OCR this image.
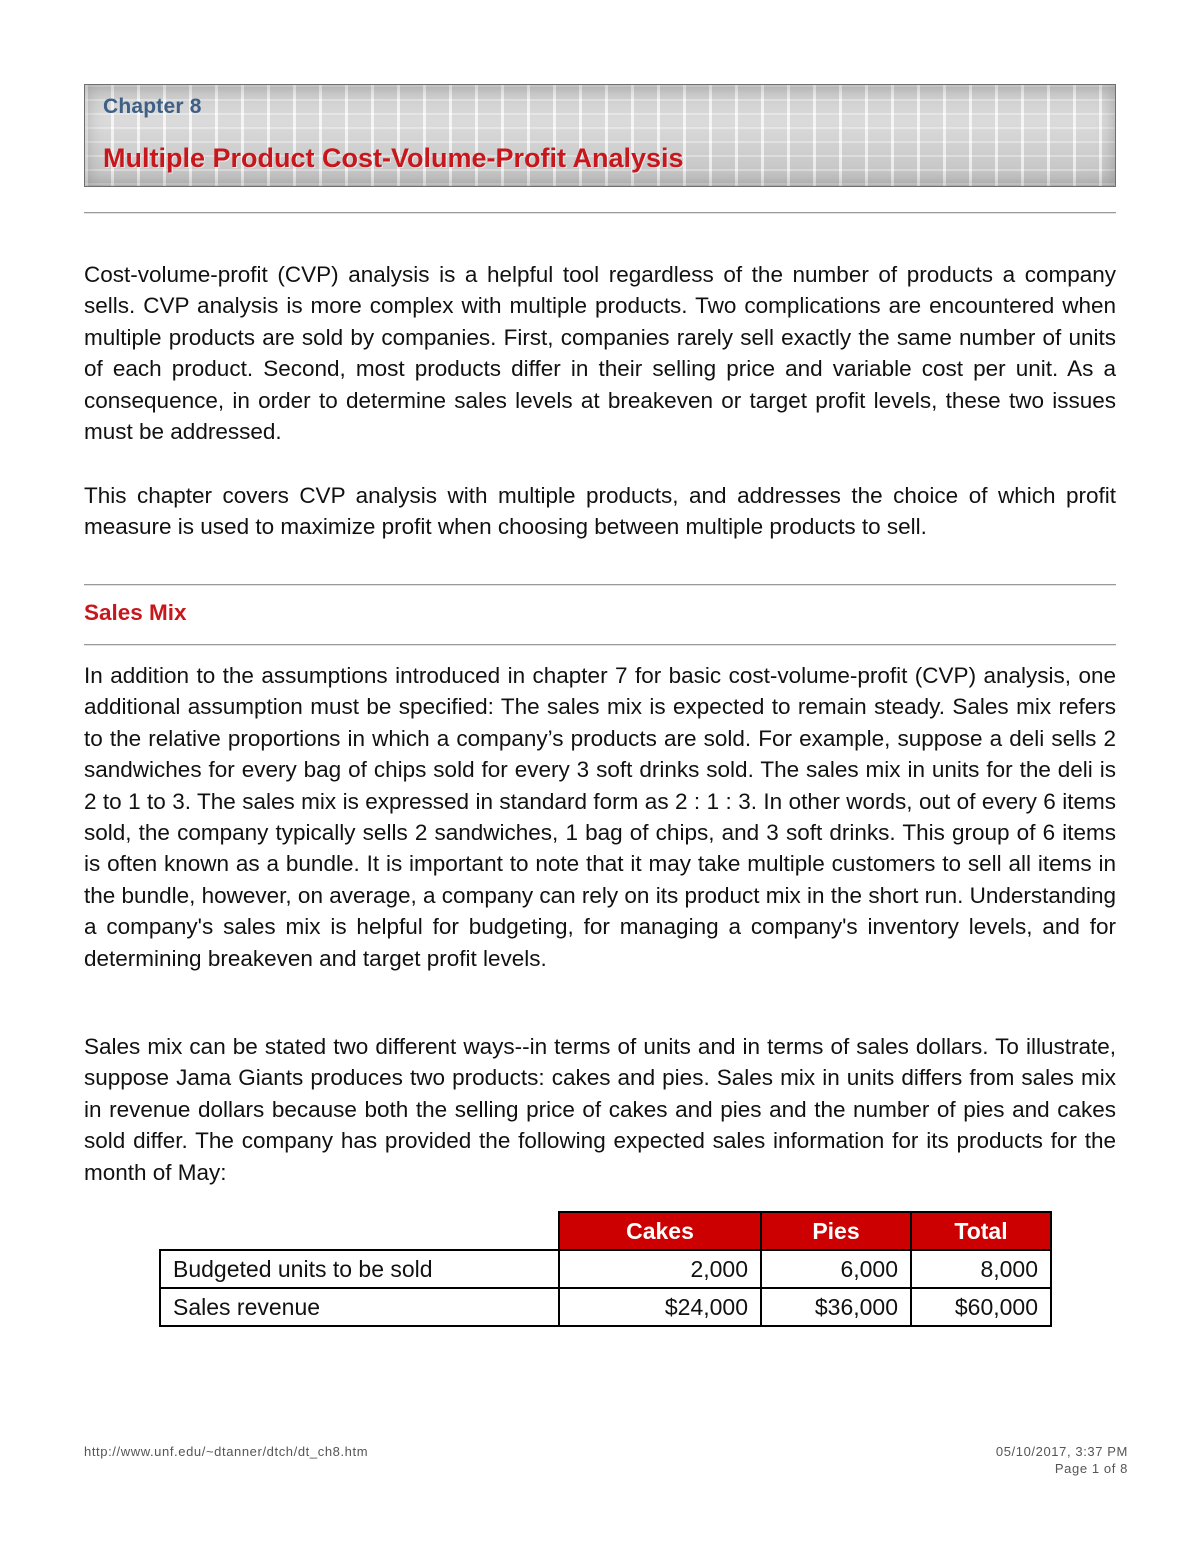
Chapter 8
Multiple Product Cost-Volume-Profit Analysis

Cost-volume-profit (CVP) analysis is a helpful tool regardless of the number of products a company sells. CVP analysis is more complex with multiple products. Two complications are encountered when multiple products are sold by companies. First, companies rarely sell exactly the same number of units of each product. Second, most products differ in their selling price and variable cost per unit. As a consequence, in order to determine sales levels at breakeven or target profit levels, these two issues must be addressed.

This chapter covers CVP analysis with multiple products, and addresses the choice of which profit measure is used to maximize profit when choosing between multiple products to sell.

Sales Mix

In addition to the assumptions introduced in chapter 7 for basic cost-volume-profit (CVP) analysis, one additional assumption must be specified: The sales mix is expected to remain steady. Sales mix refers to the relative proportions in which a company’s products are sold. For example, suppose a deli sells 2 sandwiches for every bag of chips sold for every 3 soft drinks sold. The sales mix in units for the deli is 2 to 1 to 3. The sales mix is expressed in standard form as 2 : 1 : 3. In other words, out of every 6 items sold, the company typically sells 2 sandwiches, 1 bag of chips, and 3 soft drinks. This group of 6 items is often known as a bundle. It is important to note that it may take multiple customers to sell all items in the bundle, however, on average, a company can rely on its product mix in the short run. Understanding a company's sales mix is helpful for budgeting, for managing a company's inventory levels, and for determining breakeven and target profit levels.

Sales mix can be stated two different ways--in terms of units and in terms of sales dollars. To illustrate, suppose Jama Giants produces two products: cakes and pies. Sales mix in units differs from sales mix in revenue dollars because both the selling price of cakes and pies and the number of pies and cakes sold differ. The company has provided the following expected sales information for its products for the month of May:

	Cakes	Pies	Total
Budgeted units to be sold	2,000	6,000	8,000
Sales revenue	$24,000	$36,000	$60,000
http://www.unf.edu/~dtanner/dtch/dt_ch8.htm	05/10/2017, 3:37 PM
Page 1 of 8
